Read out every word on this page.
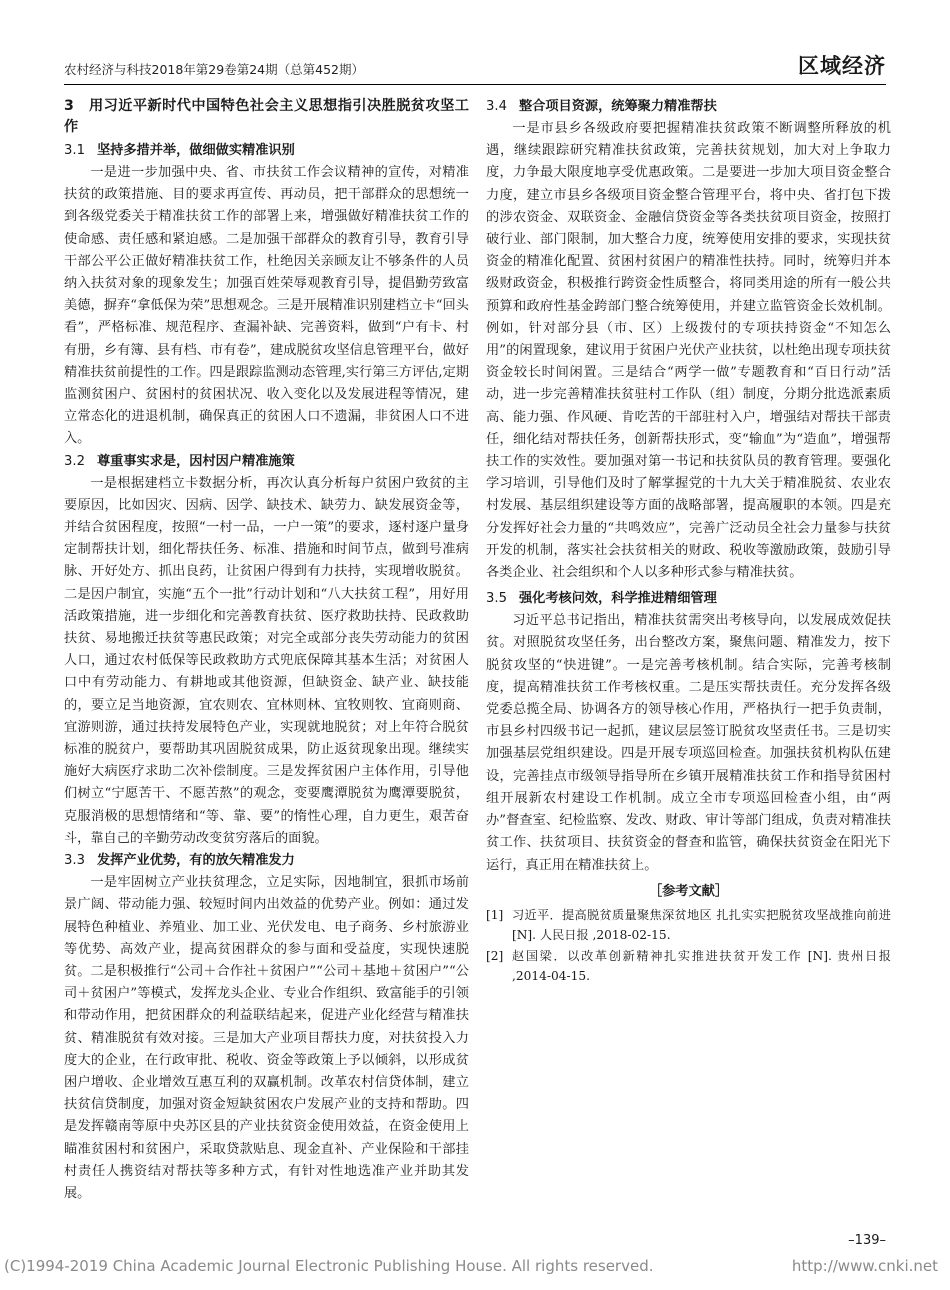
农村经济与科技2018年第29卷第24期（总第452期）	区域经济
3　用习近平新时代中国特色社会主义思想指引决胜脱贫攻坚工作
3.1 坚持多措并举，做细做实精准识别

一是进一步加强中央、省、市扶贫工作会议精神的宣传，对精准扶贫的政策措施、目的要求再宣传、再动员，把干部群众的思想统一到各级党委关于精准扶贫工作的部署上来，增强做好精准扶贫工作的使命感、责任感和紧迫感。二是加强干部群众的教育引导，教育引导干部公平公正做好精准扶贫工作，杜绝因关亲顾友让不够条件的人员纳入扶贫对象的现象发生；加强百姓荣辱观教育引导，提倡勤劳致富美德，摒弃“拿低保为荣”思想观念。三是开展精准识别建档立卡“回头看”，严格标准、规范程序、查漏补缺、完善资料，做到“户有卡、村有册，乡有簿、县有档、市有卷”，建成脱贫攻坚信息管理平台，做好精准扶贫前提性的工作。四是跟踪监测动态管理,实行第三方评估,定期监测贫困户、贫困村的贫困状况、收入变化以及发展进程等情况，建立常态化的进退机制，确保真正的贫困人口不遗漏，非贫困人口不进入。

3.2 尊重事实求是，因村因户精准施策

一是根据建档立卡数据分析，再次认真分析每户贫困户致贫的主要原因，比如因灾、因病、因学、缺技术、缺劳力、缺发展资金等，并结合贫困程度，按照“一村一品，一户一策”的要求，逐村逐户量身定制帮扶计划，细化帮扶任务、标准、措施和时间节点，做到号准病脉、开好处方、抓出良药，让贫困户得到有力扶持，实现增收脱贫。二是因户制宜，实施“五个一批”行动计划和“八大扶贫工程”，用好用活政策措施，进一步细化和完善教育扶贫、医疗救助扶持、民政救助扶贫、易地搬迁扶贫等惠民政策；对完全或部分丧失劳动能力的贫困人口，通过农村低保等民政救助方式兜底保障其基本生活；对贫困人口中有劳动能力、有耕地或其他资源，但缺资金、缺产业、缺技能的，要立足当地资源，宜农则农、宜林则林、宜牧则牧、宜商则商、宜游则游，通过扶持发展特色产业，实现就地脱贫；对上年符合脱贫标准的脱贫户，要帮助其巩固脱贫成果，防止返贫现象出现。继续实施好大病医疗求助二次补偿制度。三是发挥贫困户主体作用，引导他们树立“宁愿苦干、不愿苦熬”的观念，变要鹰潭脱贫为鹰潭要脱贫，克服消极的思想情绪和“等、靠、要”的惰性心理，自力更生，艰苦奋斗，靠自己的辛勤劳动改变贫穷落后的面貌。

3.3 发挥产业优势，有的放矢精准发力

一是牢固树立产业扶贫理念，立足实际，因地制宜，狠抓市场前景广阔、带动能力强、较短时间内出效益的优势产业。例如：通过发展特色种植业、养殖业、加工业、光伏发电、电子商务、乡村旅游业等优势、高效产业，提高贫困群众的参与面和受益度，实现快速脱贫。二是积极推行“公司＋合作社＋贫困户”“公司＋基地＋贫困户”“公司＋贫困户”等模式，发挥龙头企业、专业合作组织、致富能手的引领和带动作用，把贫困群众的利益联结起来，促进产业化经营与精准扶贫、精准脱贫有效对接。三是加大产业项目帮扶力度，对扶贫投入力度大的企业，在行政审批、税收、资金等政策上予以倾斜，以形成贫困户增收、企业增效互惠互利的双赢机制。改革农村信贷体制，建立扶贫信贷制度，加强对资金短缺贫困农户发展产业的支持和帮助。四是发挥赣南等原中央苏区县的产业扶贫资金使用效益，在资金使用上瞄准贫困村和贫困户，采取贷款贴息、现金直补、产业保险和干部挂村责任人携资结对帮扶等多种方式，有针对性地选准产业并助其发展。

3.4 整合项目资源，统筹聚力精准帮扶

一是市县乡各级政府要把握精准扶贫政策不断调整所释放的机遇，继续跟踪研究精准扶贫政策，完善扶贫规划，加大对上争取力度，力争最大限度地享受优惠政策。二是要进一步加大项目资金整合力度，建立市县乡各级项目资金整合管理平台，将中央、省打包下拨的涉农资金、双联资金、金融信贷资金等各类扶贫项目资金，按照打破行业、部门限制，加大整合力度，统筹使用安排的要求，实现扶贫资金的精准化配置、贫困村贫困户的精准性扶持。同时，统筹归并本级财政资金，积极推行跨资金性质整合，将同类用途的所有一般公共预算和政府性基金跨部门整合统筹使用，并建立监管资金长效机制。例如，针对部分县（市、区）上级拨付的专项扶持资金“不知怎么用”的闲置现象，建议用于贫困户光伏产业扶贫，以杜绝出现专项扶贫资金较长时间闲置。三是结合“两学一做”专题教育和“百日行动”活动，进一步完善精准扶贫驻村工作队（组）制度，分期分批选派素质高、能力强、作风硬、肯吃苦的干部驻村入户，增强结对帮扶干部责任，细化结对帮扶任务，创新帮扶形式，变“输血”为“造血”，增强帮扶工作的实效性。要加强对第一书记和扶贫队员的教育管理。要强化学习培训，引导他们及时了解掌握党的十九大关于精准脱贫、农业农村发展、基层组织建设等方面的战略部署，提高履职的本领。四是充分发挥好社会力量的“共鸣效应”，完善广泛动员全社会力量参与扶贫开发的机制，落实社会扶贫相关的财政、税收等激励政策，鼓励引导各类企业、社会组织和个人以多种形式参与精准扶贫。

3.5 强化考核问效，科学推进精细管理

习近平总书记指出，精准扶贫需突出考核导向，以发展成效促扶贫。对照脱贫攻坚任务，出台整改方案，聚焦问题、精准发力，按下脱贫攻坚的“快进键”。一是完善考核机制。结合实际，完善考核制度，提高精准扶贫工作考核权重。二是压实帮扶责任。充分发挥各级党委总揽全局、协调各方的领导核心作用，严格执行一把手负责制，市县乡村四级书记一起抓，建议层层签订脱贫攻坚责任书。三是切实加强基层党组织建设。四是开展专项巡回检查。加强扶贫机构队伍建设，完善挂点市级领导指导所在乡镇开展精准扶贫工作和指导贫困村组开展新农村建设工作机制。成立全市专项巡回检查小组，由“两办”督查室、纪检监察、发改、财政、审计等部门组成，负责对精准扶贫工作、扶贫项目、扶贫资金的督查和监管，确保扶贫资金在阳光下运行，真正用在精准扶贫上。

［参考文献］
[1] 习近平．提高脱贫质量聚焦深贫地区 扎扎实实把脱贫攻坚战推向前进 [N]. 人民日报 ,2018-02-15.
[2] 赵国梁．以改革创新精神扎实推进扶贫开发工作 [N]. 贵州日报 ,2014-04-15.
–139–
(C)1994-2019 China Academic Journal Electronic Publishing House. All rights reserved.	http://www.cnki.net
